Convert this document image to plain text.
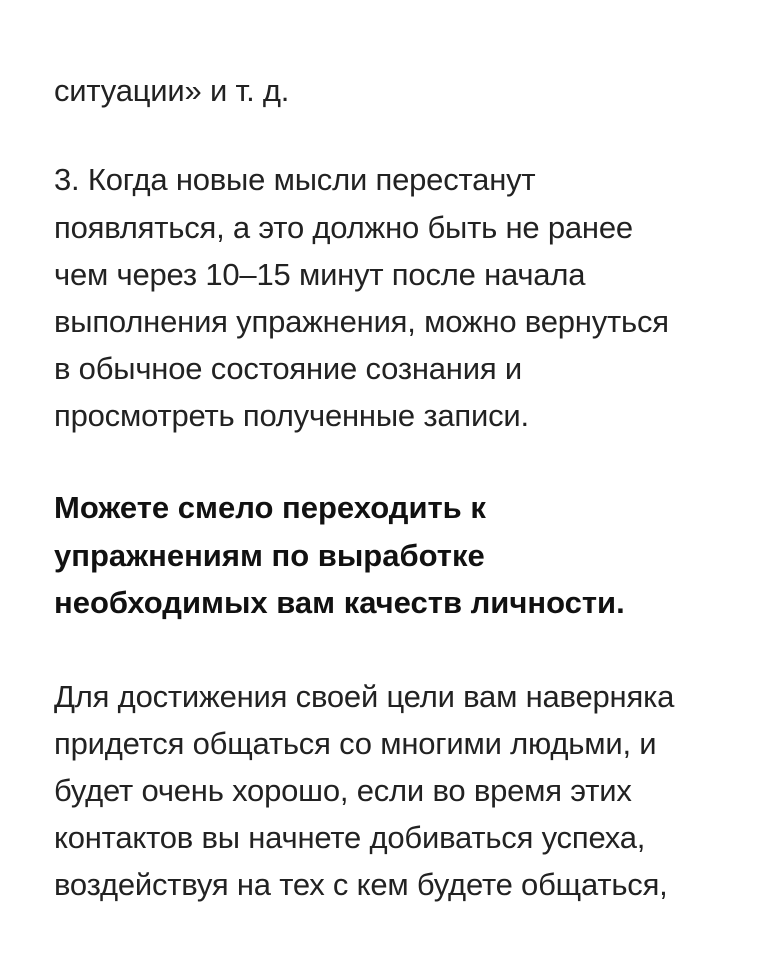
ситуации» и т. д.
3. Когда новые мысли перестанут
появляться, а это должно быть не ранее
чем через 10–15 минут после начала
выполнения упражнения, можно вернуться
в обычное состояние сознания и
просмотреть полученные записи.
Можете смело переходить к
упражнениям по выработке
необходимых вам качеств личности.
Для достижения своей цели вам наверняка
придется общаться со многими людьми, и
будет очень хорошо, если во время этих
контактов вы начнете добиваться успеха,
воздействуя на тех с кем будете общаться,
